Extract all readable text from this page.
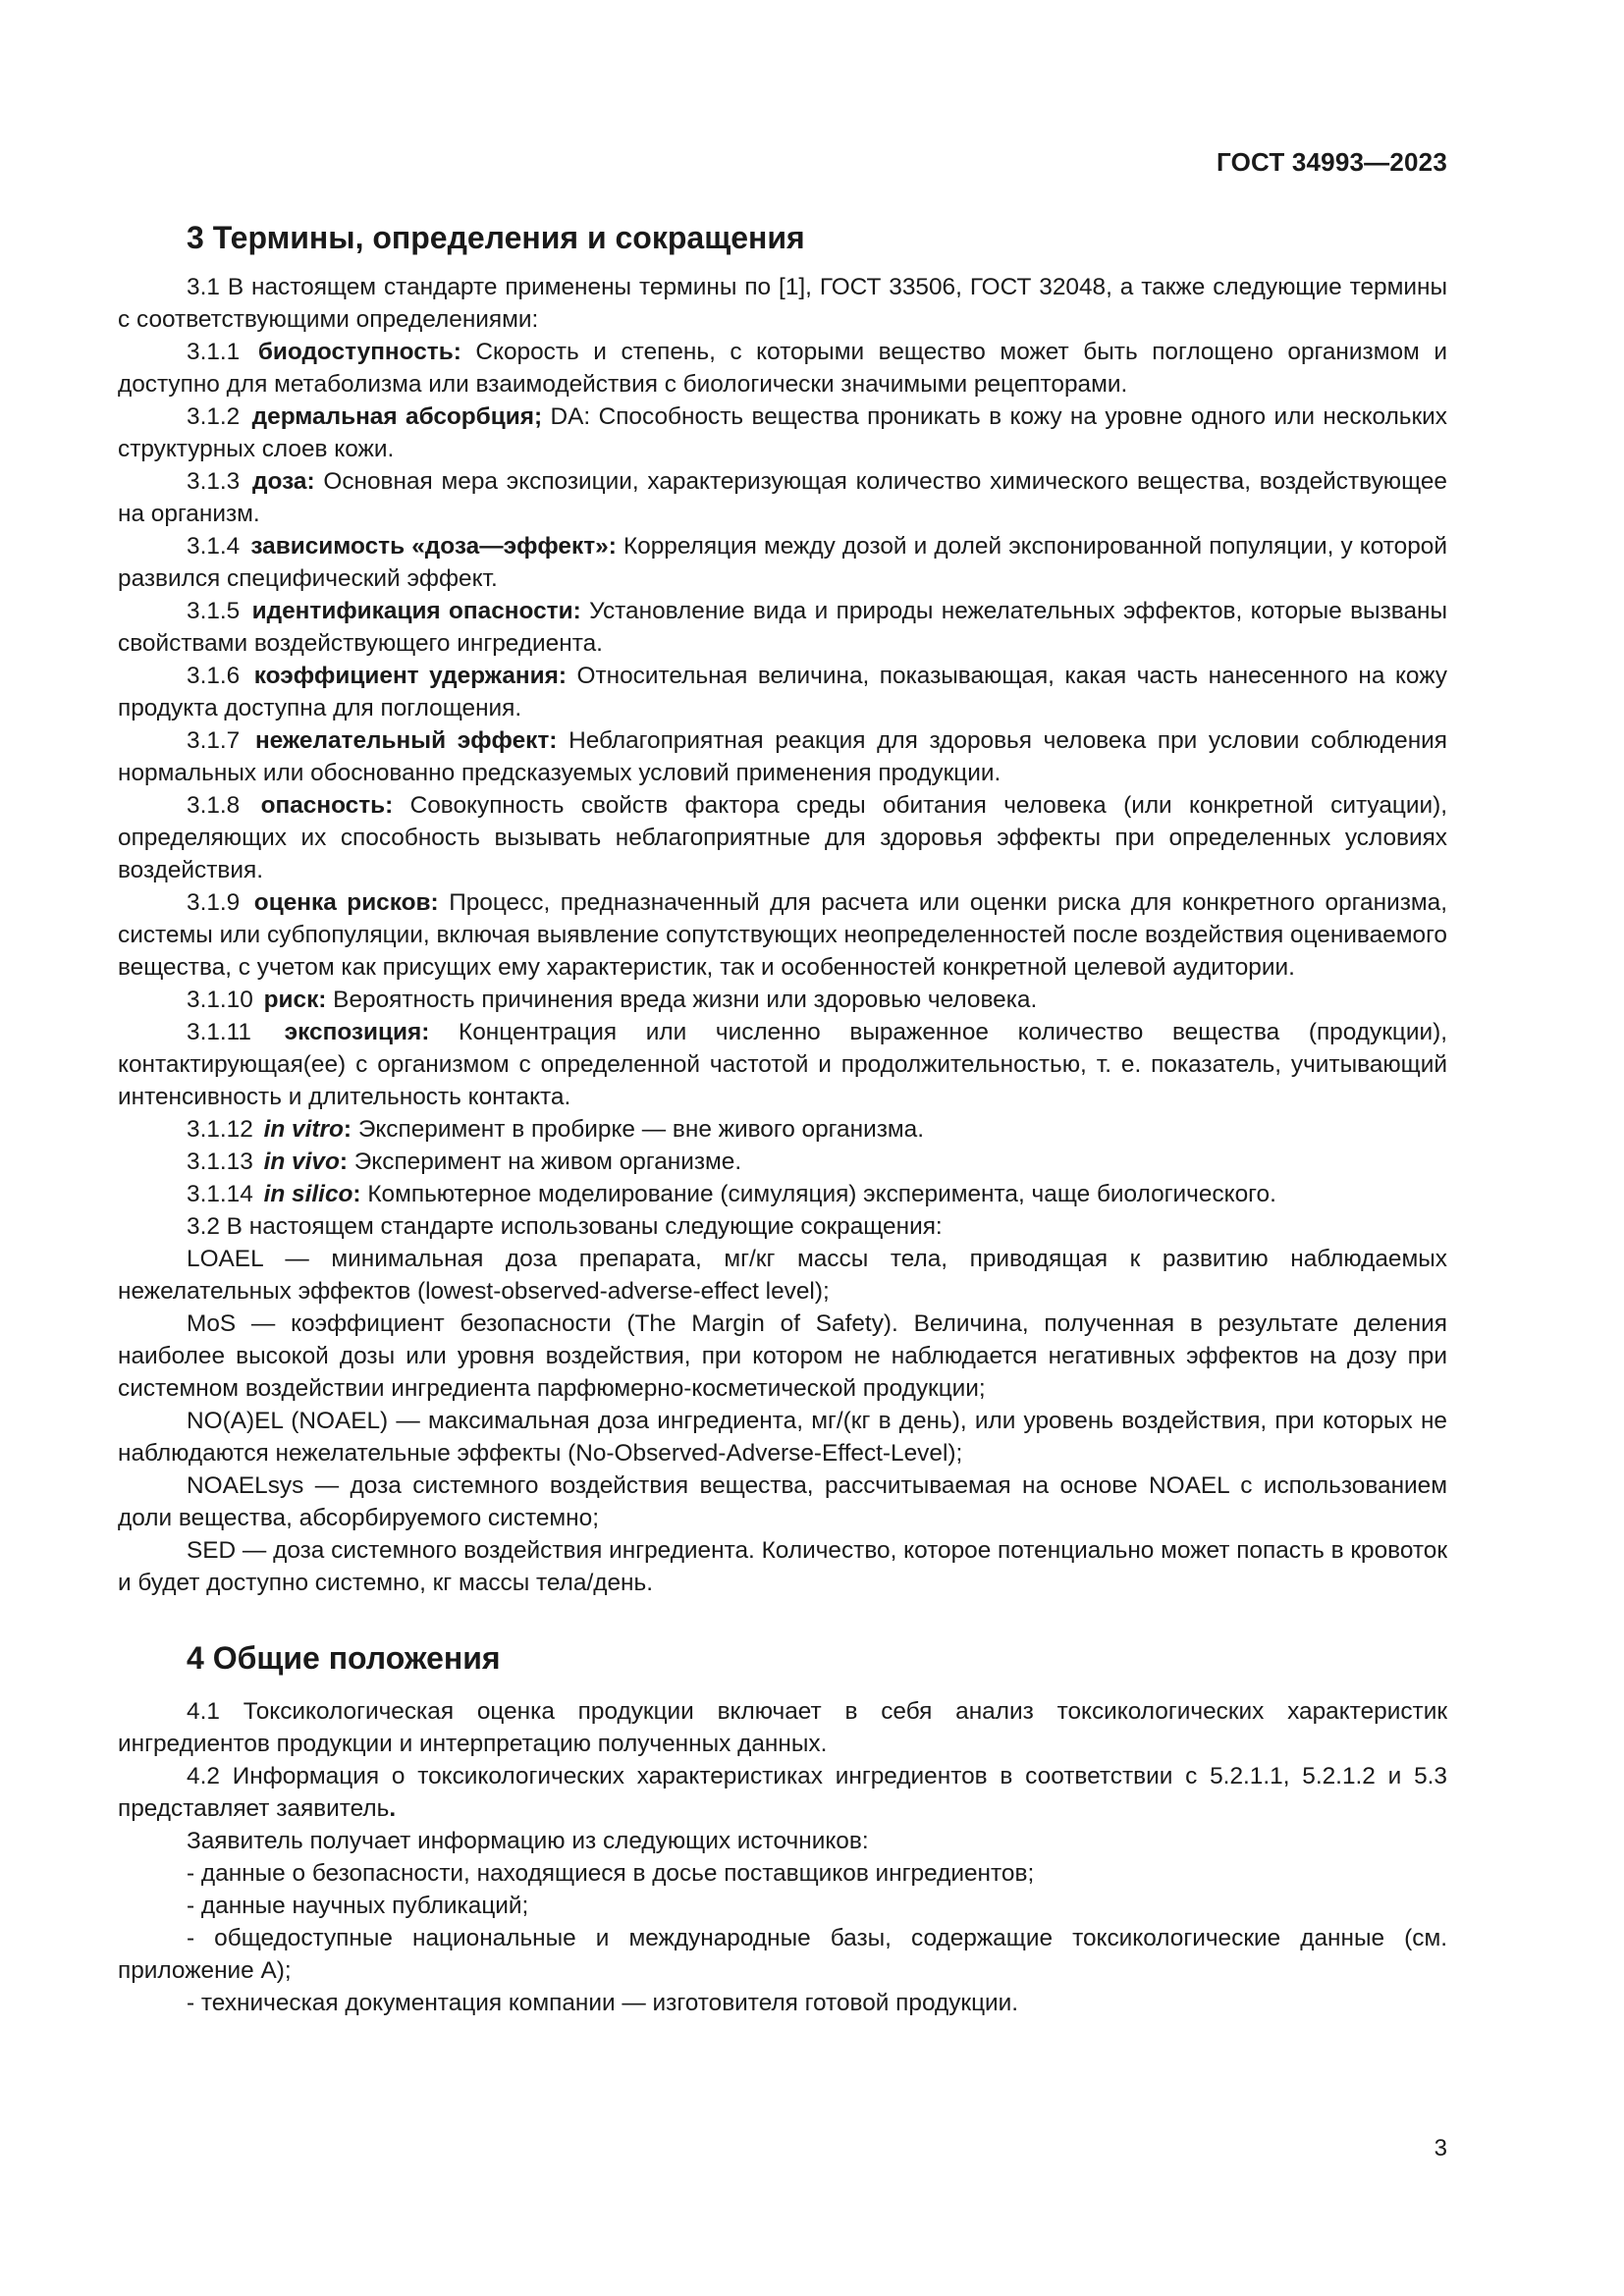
ГОСТ 34993—2023
3 Термины, определения и сокращения

3.1 В настоящем стандарте применены термины по [1], ГОСТ 33506, ГОСТ 32048, а также следующие термины с соответствующими определениями:

3.1.1 биодоступность: Скорость и степень, с которыми вещество может быть поглощено организмом и доступно для метаболизма или взаимодействия с биологически значимыми рецепторами.

3.1.2 дермальная абсорбция; DA: Способность вещества проникать в кожу на уровне одного или нескольких структурных слоев кожи.

3.1.3 доза: Основная мера экспозиции, характеризующая количество химического вещества, воздействующее на организм.

3.1.4 зависимость «доза—эффект»: Корреляция между дозой и долей экспонированной популяции, у которой развился специфический эффект.

3.1.5 идентификация опасности: Установление вида и природы нежелательных эффектов, которые вызваны свойствами воздействующего ингредиента.

3.1.6 коэффициент удержания: Относительная величина, показывающая, какая часть нанесенного на кожу продукта доступна для поглощения.

3.1.7 нежелательный эффект: Неблагоприятная реакция для здоровья человека при условии соблюдения нормальных или обоснованно предсказуемых условий применения продукции.

3.1.8 опасность: Совокупность свойств фактора среды обитания человека (или конкретной ситуации), определяющих их способность вызывать неблагоприятные для здоровья эффекты при определенных условиях воздействия.

3.1.9 оценка рисков: Процесс, предназначенный для расчета или оценки риска для конкретного организма, системы или субпопуляции, включая выявление сопутствующих неопределенностей после воздействия оцениваемого вещества, с учетом как присущих ему характеристик, так и особенностей конкретной целевой аудитории.

3.1.10 риск: Вероятность причинения вреда жизни или здоровью человека.

3.1.11 экспозиция: Концентрация или численно выраженное количество вещества (продукции), контактирующая(ее) с организмом с определенной частотой и продолжительностью, т. е. показатель, учитывающий интенсивность и длительность контакта.

3.1.12 in vitro: Эксперимент в пробирке — вне живого организма.

3.1.13 in vivo: Эксперимент на живом организме.

3.1.14 in silico: Компьютерное моделирование (симуляция) эксперимента, чаще биологического.

3.2 В настоящем стандарте использованы следующие сокращения:

LOAEL — минимальная доза препарата, мг/кг массы тела, приводящая к развитию наблюдаемых нежелательных эффектов (lowest-observed-adverse-effect level);

MoS — коэффициент безопасности (The Margin of Safety). Величина, полученная в результате деления наиболее высокой дозы или уровня воздействия, при котором не наблюдается негативных эффектов на дозу при системном воздействии ингредиента парфюмерно-косметической продукции;

NO(A)EL (NOAEL) — максимальная доза ингредиента, мг/(кг в день), или уровень воздействия, при которых не наблюдаются нежелательные эффекты (No-Observed-Adverse-Effect-Level);

NOAELsys — доза системного воздействия вещества, рассчитываемая на основе NOAEL с использованием доли вещества, абсорбируемого системно;

SED — доза системного воздействия ингредиента. Количество, которое потенциально может попасть в кровоток и будет доступно системно, кг массы тела/день.

4 Общие положения

4.1 Токсикологическая оценка продукции включает в себя анализ токсикологических характеристик ингредиентов продукции и интерпретацию полученных данных.

4.2 Информация о токсикологических характеристиках ингредиентов в соответствии с 5.2.1.1, 5.2.1.2 и 5.3 представляет заявитель.

Заявитель получает информацию из следующих источников:

- данные о безопасности, находящиеся в досье поставщиков ингредиентов;

- данные научных публикаций;

- общедоступные национальные и международные базы, содержащие токсикологические данные (см. приложение А);

- техническая документация компании — изготовителя готовой продукции.

3
